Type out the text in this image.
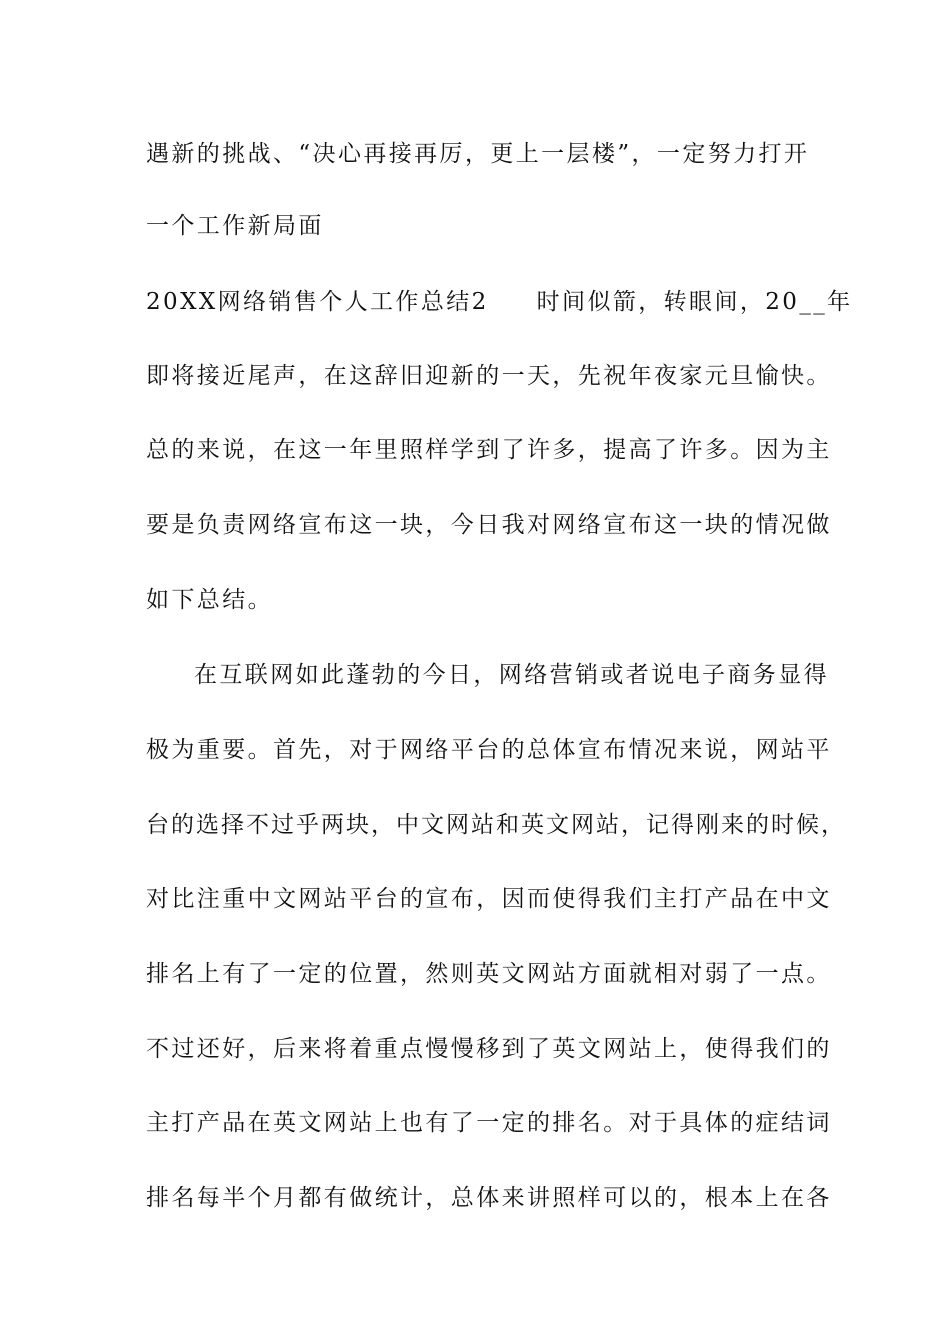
遇新的挑战、“决心再接再厉，更上一层楼”，一定努力打开
一个工作新局面
20XX网络销售个人工作总结2 时间似箭，转眼间，20__年
即将接近尾声，在这辞旧迎新的一天，先祝年夜家元旦愉快。
总的来说，在这一年里照样学到了许多，提高了许多。因为主
要是负责网络宣布这一块，今日我对网络宣布这一块的情况做
如下总结。
在互联网如此蓬勃的今日，网络营销或者说电子商务显得
极为重要。首先，对于网络平台的总体宣布情况来说，网站平
台的选择不过乎两块，中文网站和英文网站，记得刚来的时候，
对比注重中文网站平台的宣布，因而使得我们主打产品在中文
排名上有了一定的位置，然则英文网站方面就相对弱了一点。
不过还好，后来将着重点慢慢移到了英文网站上，使得我们的
主打产品在英文网站上也有了一定的排名。对于具体的症结词
排名每半个月都有做统计，总体来讲照样可以的，根本上在各
